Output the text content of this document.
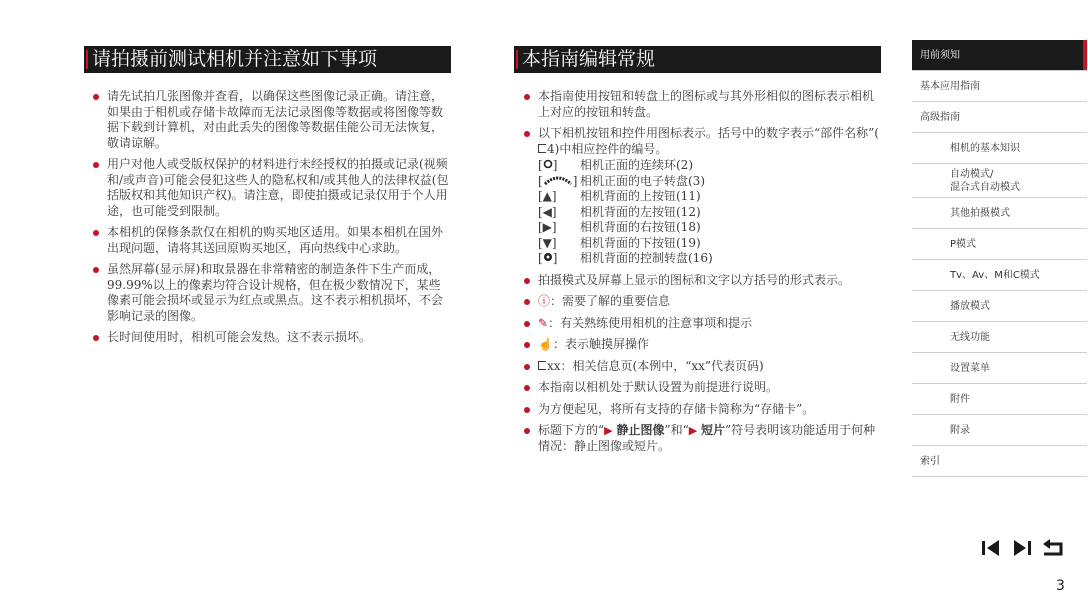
请拍摄前测试相机并注意如下事项
请先试拍几张图像并查看，以确保这些图像记录正确。请注意，如果由于相机或存储卡故障而无法记录图像等数据或将图像等数据下载到计算机，对由此丢失的图像等数据佳能公司无法恢复，敬请谅解。
用户对他人或受版权保护的材料进行未经授权的拍摄或记录(视频和/或声音)可能会侵犯这些人的隐私权和/或其他人的法律权益(包括版权和其他知识产权)。请注意，即使拍摄或记录仅用于个人用途，也可能受到限制。
本相机的保修条款仅在相机的购买地区适用。如果本相机在国外出现问题，请将其送回原购买地区，再向热线中心求助。
虽然屏幕(显示屏)和取景器在非常精密的制造条件下生产而成，99.99%以上的像素均符合设计规格，但在极少数情况下，某些像素可能会损坏或显示为红点或黑点。这不表示相机损坏，不会影响记录的图像。
长时间使用时，相机可能会发热。这不表示损坏。
本指南编辑常规
本指南使用按钮和转盘上的图标或与其外形相似的图标表示相机上对应的按钮和转盘。
以下相机按钮和控件用图标表示。括号中的数字表示“部件名称”(4)中相应控件的编号。
[ ]	相机正面的连续环(2)
[ ]	相机正面的电子转盘(3)
[▲]	相机背面的上按钮(11)
[◀]	相机背面的左按钮(12)
[▶]	相机背面的右按钮(18)
[▼]	相机背面的下按钮(19)
[ ]	相机背面的控制转盘(16)
拍摄模式及屏幕上显示的图标和文字以方括号的形式表示。
ⓘ：需要了解的重要信息
✎：有关熟练使用相机的注意事项和提示
☝：表示触摸屏操作
xx：相关信息页(本例中，“xx”代表页码)
本指南以相机处于默认设置为前提进行说明。
为方便起见，将所有支持的存储卡简称为“存储卡”。
标题下方的“▶ 静止图像”和“▶ 短片”符号表明该功能适用于何种情况：静止图像或短片。
用前须知
基本应用指南
高级指南
相机的基本知识
自动模式/
混合式自动模式
其他拍摄模式
P模式
Tv、Av、M和C模式
播放模式
无线功能
设置菜单
附件
附录
索引
3
